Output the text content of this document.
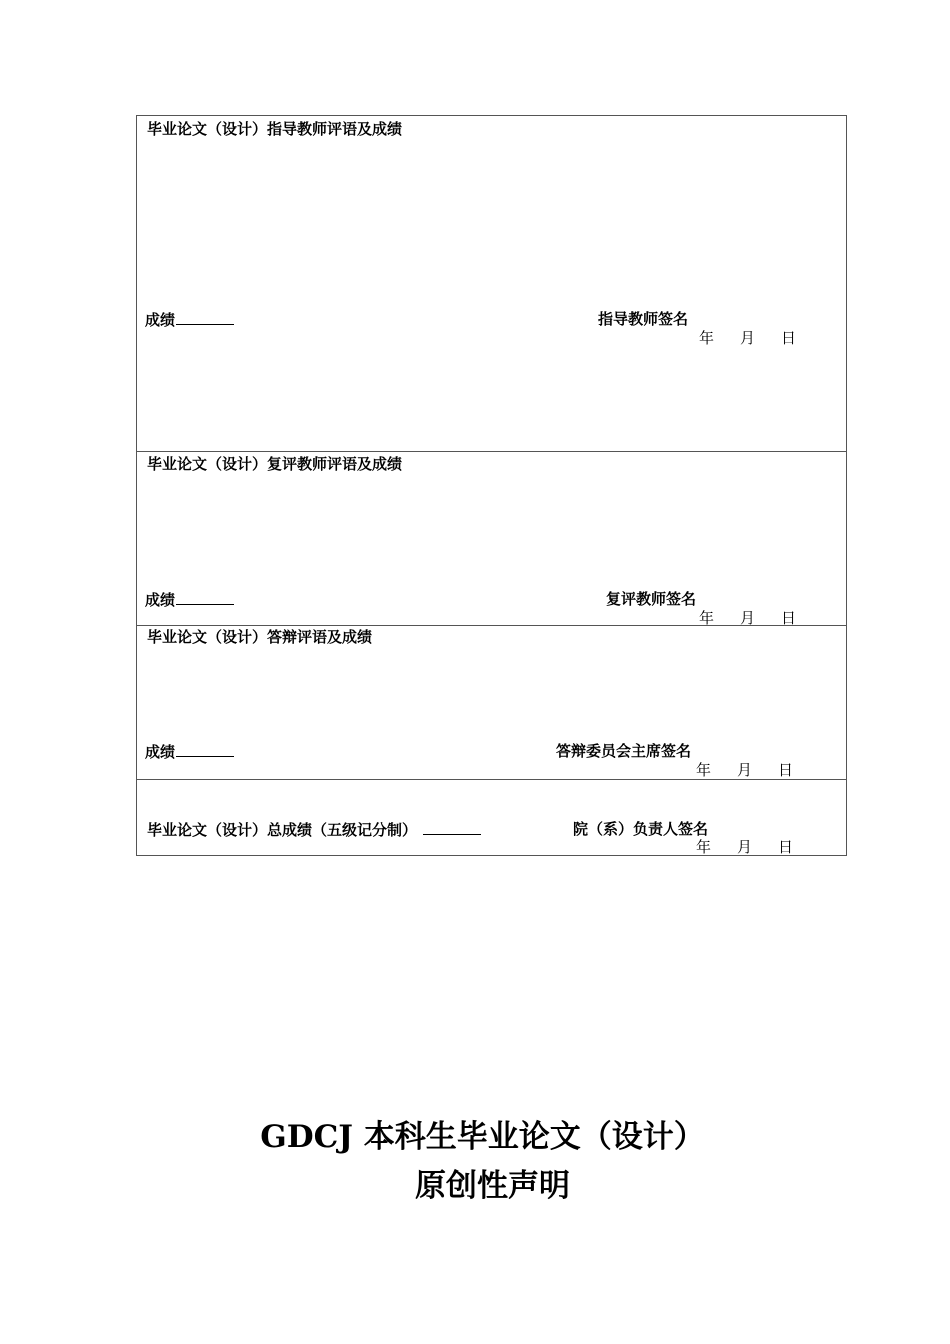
毕业论文（设计）指导教师评语及成绩
成绩	指导教师签名
年 月 日
毕业论文（设计）复评教师评语及成绩
成绩	复评教师签名
年 月 日
毕业论文（设计）答辩评语及成绩
成绩	答辩委员会主席签名
年 月 日
毕业论文（设计）总成绩（五级记分制）	院（系）负责人签名
年 月 日
GDCJ 本科生毕业论文（设计）
原创性声明
